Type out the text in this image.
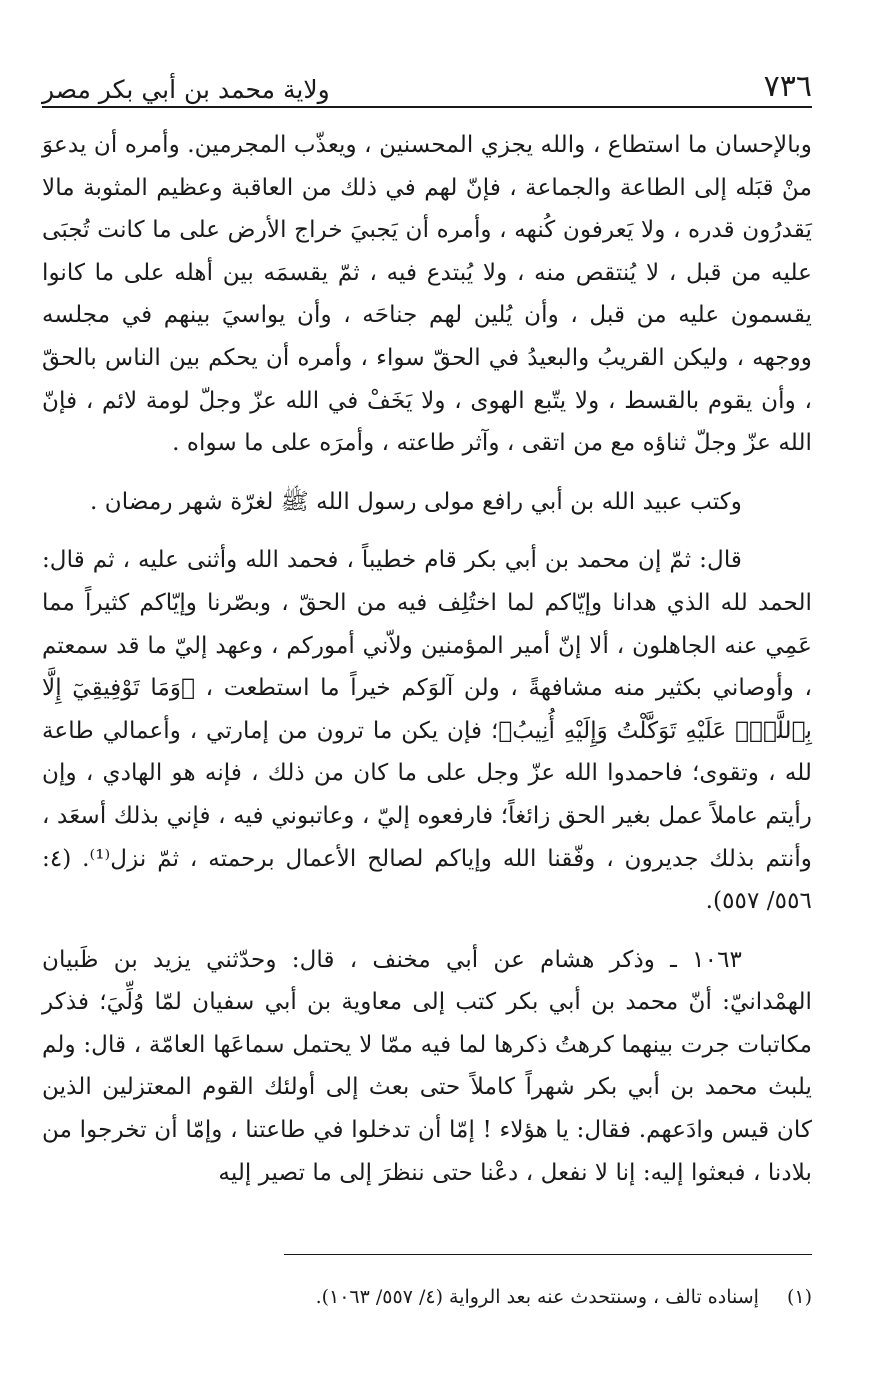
٧٣٦
ولاية محمد بن أبي بكر مصر

وبالإحسان ما استطاع ، والله يجزي المحسنين ، ويعذّب المجرمين. وأمره أن يدعوَ منْ قبَله إلى الطاعة والجماعة ، فإنّ لهم في ذلك من العاقبة وعظيم المثوبة مالا يَقدرُون قدره ، ولا يَعرفون كُنهه ، وأمره أن يَجبيَ خراج الأرض على ما كانت تُجبَى عليه من قبل ، لا يُنتقص منه ، ولا يُبتدع فيه ، ثمّ يقسمَه بين أهله على ما كانوا يقسمون عليه من قبل ، وأن يُلين لهم جناحَه ، وأن يواسيَ بينهم في مجلسه ووجهه ، وليكن القريبُ والبعيدُ في الحقّ سواء ، وأمره أن يحكم بين الناس بالحقّ ، وأن يقوم بالقسط ، ولا يتّبع الهوى ، ولا يَخَفْ في الله عزّ وجلّ لومة لائم ، فإنّ الله عزّ وجلّ ثناؤه مع من اتقى ، وآثر طاعته ، وأمرَه على ما سواه .

وكتب عبيد الله بن أبي رافع مولى رسول الله ﷺ لغرّة شهر رمضان .

قال: ثمّ إن محمد بن أبي بكر قام خطيباً ، فحمد الله وأثنى عليه ، ثم قال: الحمد لله الذي هدانا وإيّاكم لما اختُلِف فيه من الحقّ ، وبصّرنا وإيّاكم كثيراً مما عَمِي عنه الجاهلون ، ألا إنّ أمير المؤمنين ولاّني أموركم ، وعهد إليّ ما قد سمعتم ، وأوصاني بكثير منه مشافهةً ، ولن آلوَكم خيراً ما استطعت ، ﴿وَمَا تَوْفِيقِيٓ إِلَّا بِٱللَّهِۚ عَلَيْهِ تَوَكَّلْتُ وَإِلَيْهِ أُنِيبُ﴾؛ فإن يكن ما ترون من إمارتي ، وأعمالي طاعة لله ، وتقوى؛ فاحمدوا الله عزّ وجل على ما كان من ذلك ، فإنه هو الهادي ، وإن رأيتم عاملاً عمل بغير الحق زائغاً؛ فارفعوه إليّ ، وعاتبوني فيه ، فإني بذلك أسعَد ، وأنتم بذلك جديرون ، وفّقنا الله وإياكم لصالح الأعمال برحمته ، ثمّ نزل⁽¹⁾. (٤: ٥٥٦/ ٥٥٧).

١٠٦٣ ـ وذكر هشام عن أبي مخنف ، قال: وحدّثني يزيد بن ظَبيان الهمْدانيّ: أنّ محمد بن أبي بكر كتب إلى معاوية بن أبي سفيان لمّا وُلِّيَ؛ فذكر مكاتبات جرت بينهما كرهتُ ذكرها لما فيه ممّا لا يحتمل سماعَها العامّة ، قال: ولم يلبث محمد بن أبي بكر شهراً كاملاً حتى بعث إلى أولئك القوم المعتزلين الذين كان قيس وادَعهم. فقال: يا هؤلاء ! إمّا أن تدخلوا في طاعتنا ، وإمّا أن تخرجوا من بلادنا ، فبعثوا إليه: إنا لا نفعل ، دعْنا حتى ننظرَ إلى ما تصير إليه

(١)
إسناده تالف ، وسنتحدث عنه بعد الرواية (٤/ ٥٥٧/ ١٠٦٣).
